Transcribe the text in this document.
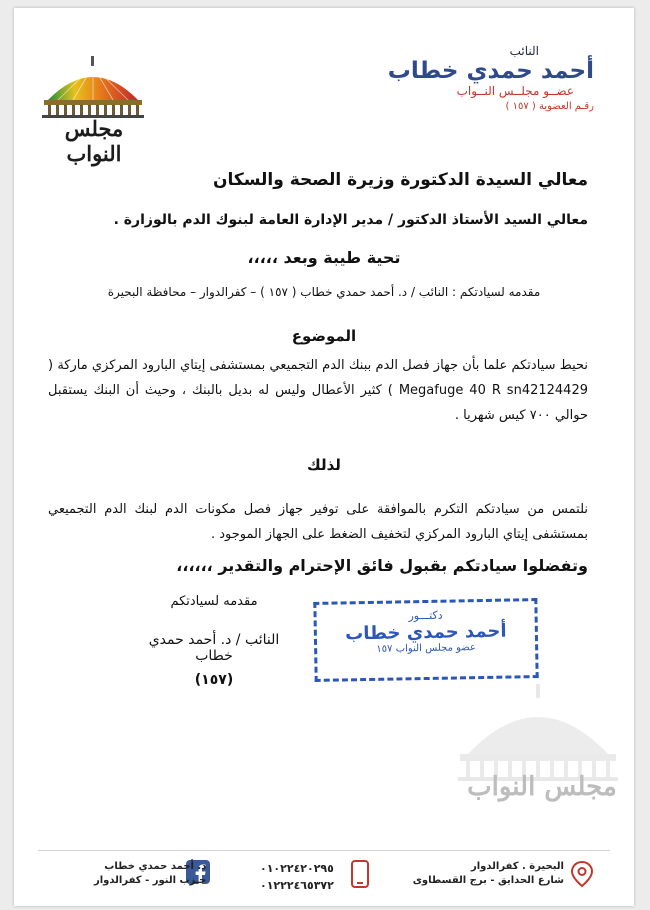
مجلس النواب
النائب
أحمد حمدي خطاب
عضــو مجلــس النــواب
رقـم العضوية ( ١٥٧ )
معالي السيدة الدكتورة وزيرة الصحة والسكان
معالي السيد الأستاذ الدكتور / مدير الإدارة العامة لبنوك الدم بالوزارة .
تحية طيبة وبعد ،،،،،
مقدمه لسيادتكم : النائب / د. أحمد حمدي خطاب ( ١٥٧ ) – كفرالدوار – محافظة البحيرة
الموضوع
نحيط سيادتكم علما بأن جهاز فصل الدم ببنك الدم التجميعي بمستشفى إيتاي البارود المركزي ماركة ( Megafuge 40 R sn42124429 ) كثير الأعطال وليس له بديل بالبنك ، وحيث أن البنك يستقبل حوالي ٧٠٠ كيس شهريا .
لذلك
نلتمس من سيادتكم التكرم بالموافقة على توفير جهاز فصل مكونات الدم لبنك الدم التجميعي بمستشفى إيتاي البارود المركزي لتخفيف الضغط على الجهاز الموجود .
وتفضلوا سيادتكم بقبول فائق الإحترام والتقدير ،،،،،،
مقدمه لسيادتكم
النائب / د. أحمد حمدي خطاب
(١٥٧)
دكتـــور
أحمد حمدي خطاب
عضو مجلس النواب ١٥٧
مجلس النواب
البحيرة . كفرالدوار
شارع الحدايق - برج القسطاوى
٠١٠٢٢٤٢٠٢٩٥
٠١٢٢٢٤٦٥٣٧٢
د. أحمد حمدي خطاب
حـزب النور - كفرالدوار
